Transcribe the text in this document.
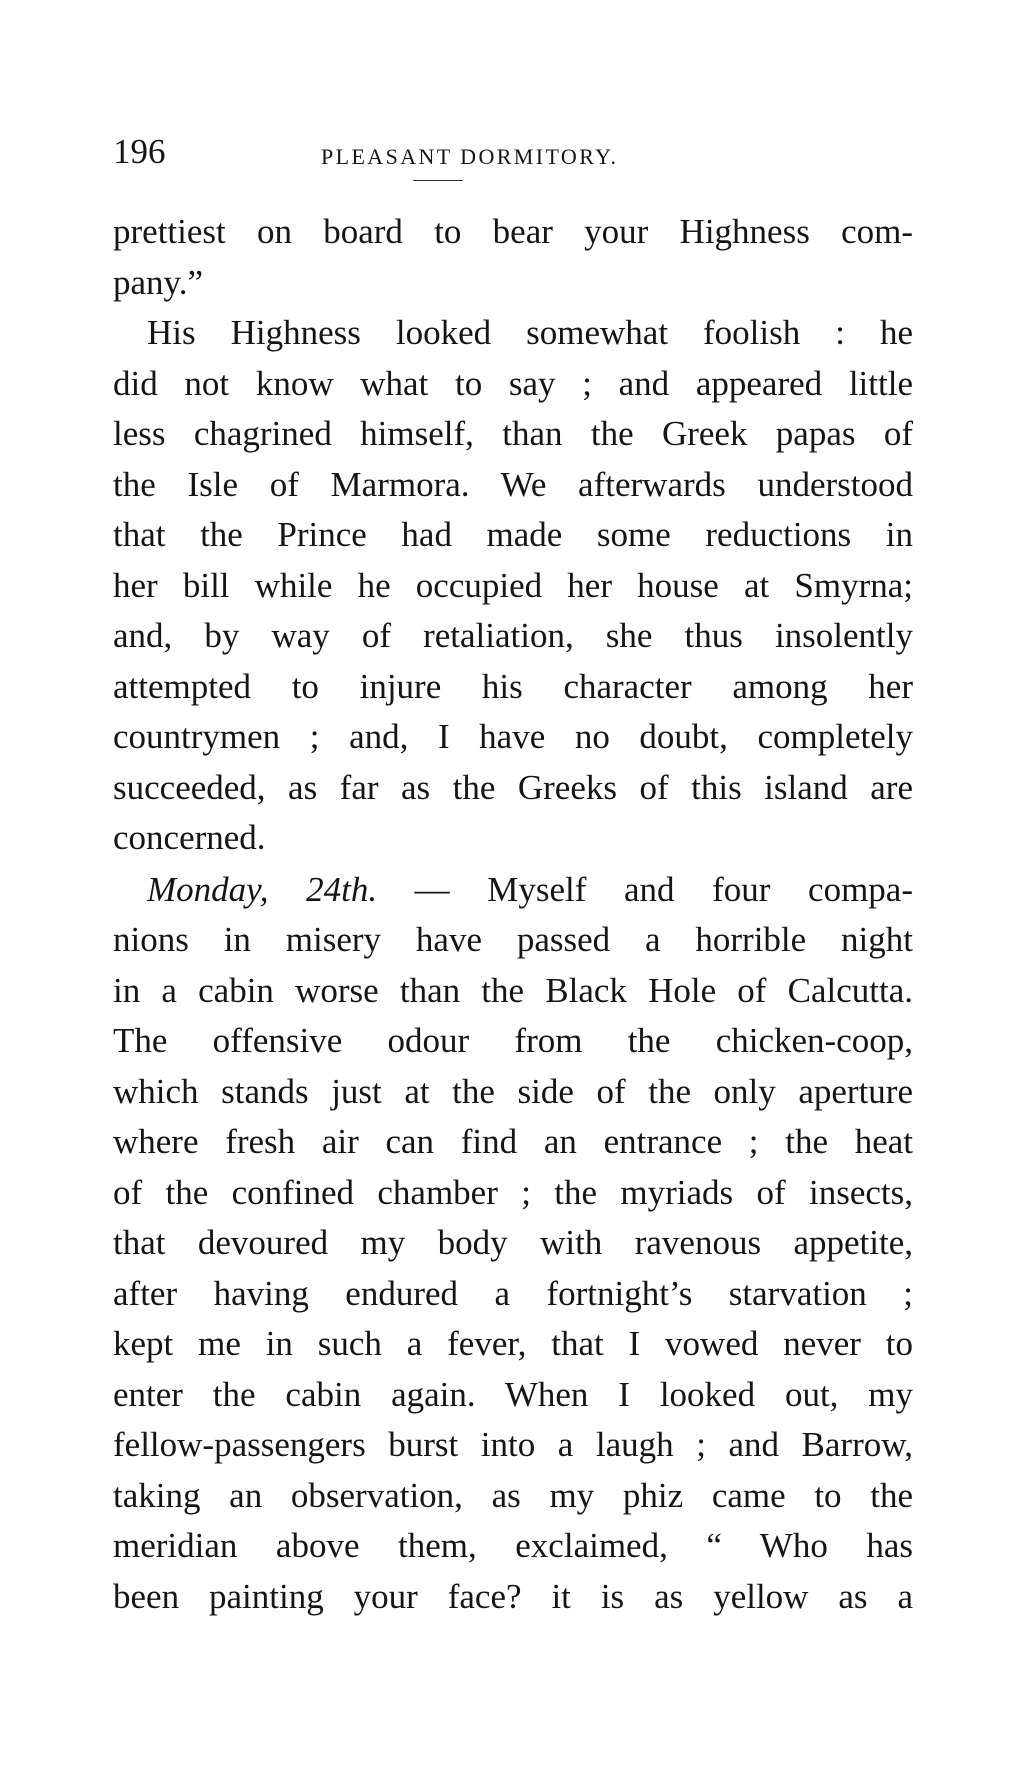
196	PLEASANT DORMITORY.
prettiest on board to bear your Highness com-
pany.”
His Highness looked somewhat foolish : he
did not know what to say ; and appeared little
less chagrined himself, than the Greek papas of
the Isle of Marmora. We afterwards understood
that the Prince had made some reductions in
her bill while he occupied her house at Smyrna;
and, by way of retaliation, she thus insolently
attempted to injure his character among her
countrymen ; and, I have no doubt, completely
succeeded, as far as the Greeks of this island are
concerned.
Monday, 24th. — Myself and four compa-
nions in misery have passed a horrible night
in a cabin worse than the Black Hole of Calcutta.
The offensive odour from the chicken-coop,
which stands just at the side of the only aperture
where fresh air can find an entrance ; the heat
of the confined chamber ; the myriads of insects,
that devoured my body with ravenous appetite,
after having endured a fortnight’s starvation ;
kept me in such a fever, that I vowed never to
enter the cabin again. When I looked out, my
fellow-passengers burst into a laugh ; and Barrow,
taking an observation, as my phiz came to the
meridian above them, exclaimed, “ Who has
been painting your face? it is as yellow as a
